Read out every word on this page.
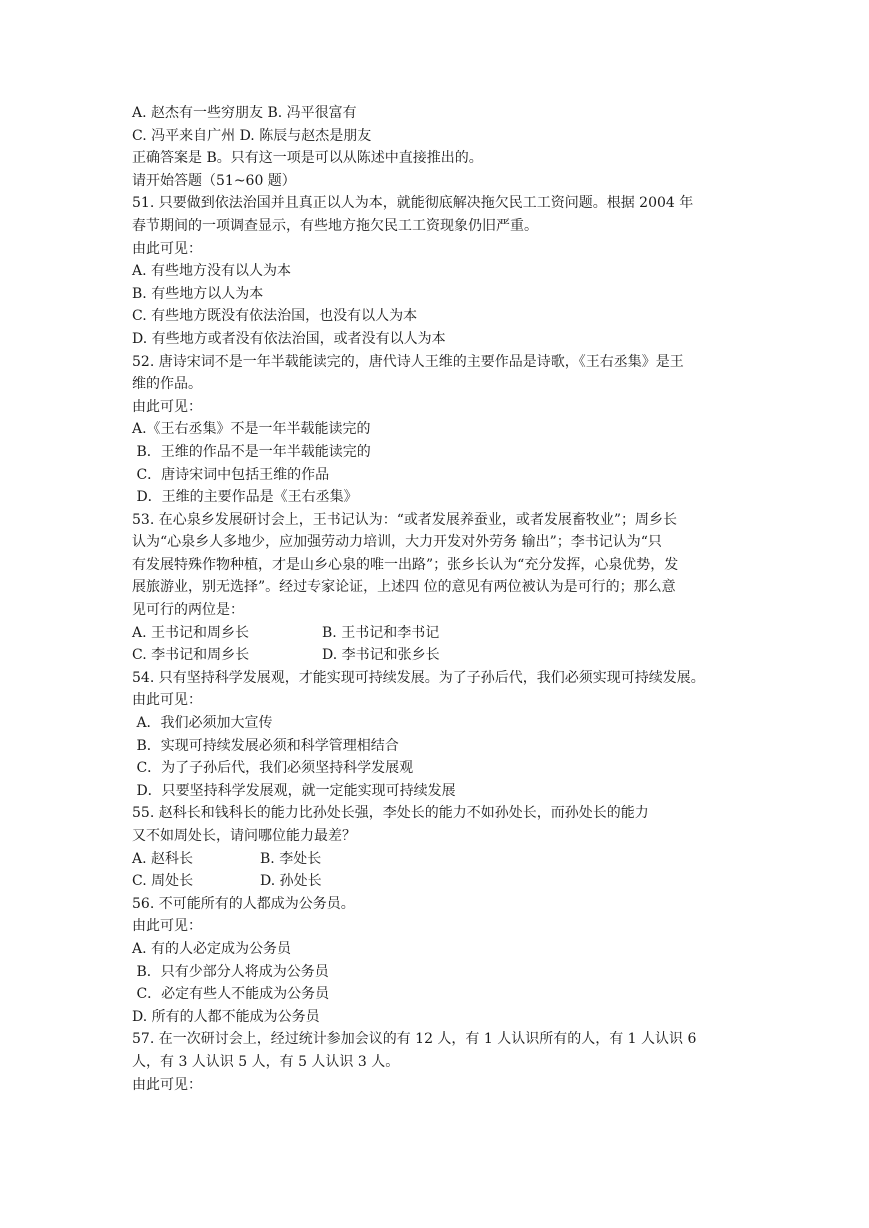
A. 赵杰有一些穷朋友 B. 冯平很富有
C. 冯平来自广州 D. 陈辰与赵杰是朋友
正确答案是 B。只有这一项是可以从陈述中直接推出的。
请开始答题（51~60 题）
51. 只要做到依法治国并且真正以人为本，就能彻底解决拖欠民工工资问题。根据 2004 年
春节期间的一项调查显示，有些地方拖欠民工工资现象仍旧严重。
由此可见：
A. 有些地方没有以人为本
B. 有些地方以人为本
C. 有些地方既没有依法治国，也没有以人为本
D. 有些地方或者没有依法治国，或者没有以人为本
52. 唐诗宋词不是一年半载能读完的，唐代诗人王维的主要作品是诗歌，《王右丞集》是王
维的作品。
由此可见：
A.《王右丞集》不是一年半载能读完的
B．王维的作品不是一年半载能读完的
C．唐诗宋词中包括王维的作品
D．王维的主要作品是《王右丞集》
53. 在心泉乡发展研讨会上，王书记认为：“或者发展养蚕业，或者发展畜牧业”；周乡长
认为“心泉乡人多地少，应加强劳动力培训，大力开发对外劳务 输出”；李书记认为“只
有发展特殊作物种植，才是山乡心泉的唯一出路”；张乡长认为“充分发挥，心泉优势，发
展旅游业，别无选择”。经过专家论证，上述四 位的意见有两位被认为是可行的；那么意
见可行的两位是：
A. 王书记和周乡长	B. 王书记和李书记
C. 李书记和周乡长	D. 李书记和张乡长
54. 只有坚持科学发展观，才能实现可持续发展。为了子孙后代，我们必须实现可持续发展。
由此可见：
A．我们必须加大宣传
B．实现可持续发展必须和科学管理相结合
C．为了子孙后代，我们必须坚持科学发展观
D．只要坚持科学发展观，就一定能实现可持续发展
55. 赵科长和钱科长的能力比孙处长强，李处长的能力不如孙处长，而孙处长的能力
又不如周处长，请问哪位能力最差？
A. 赵科长	B. 李处长
C. 周处长	D. 孙处长
56. 不可能所有的人都成为公务员。
由此可见：
A. 有的人必定成为公务员
B．只有少部分人将成为公务员
C．必定有些人不能成为公务员
D. 所有的人都不能成为公务员
57. 在一次研讨会上，经过统计参加会议的有 12 人，有 1 人认识所有的人，有 1 人认识 6
人，有 3 人认识 5 人，有 5 人认识 3 人。
由此可见：
